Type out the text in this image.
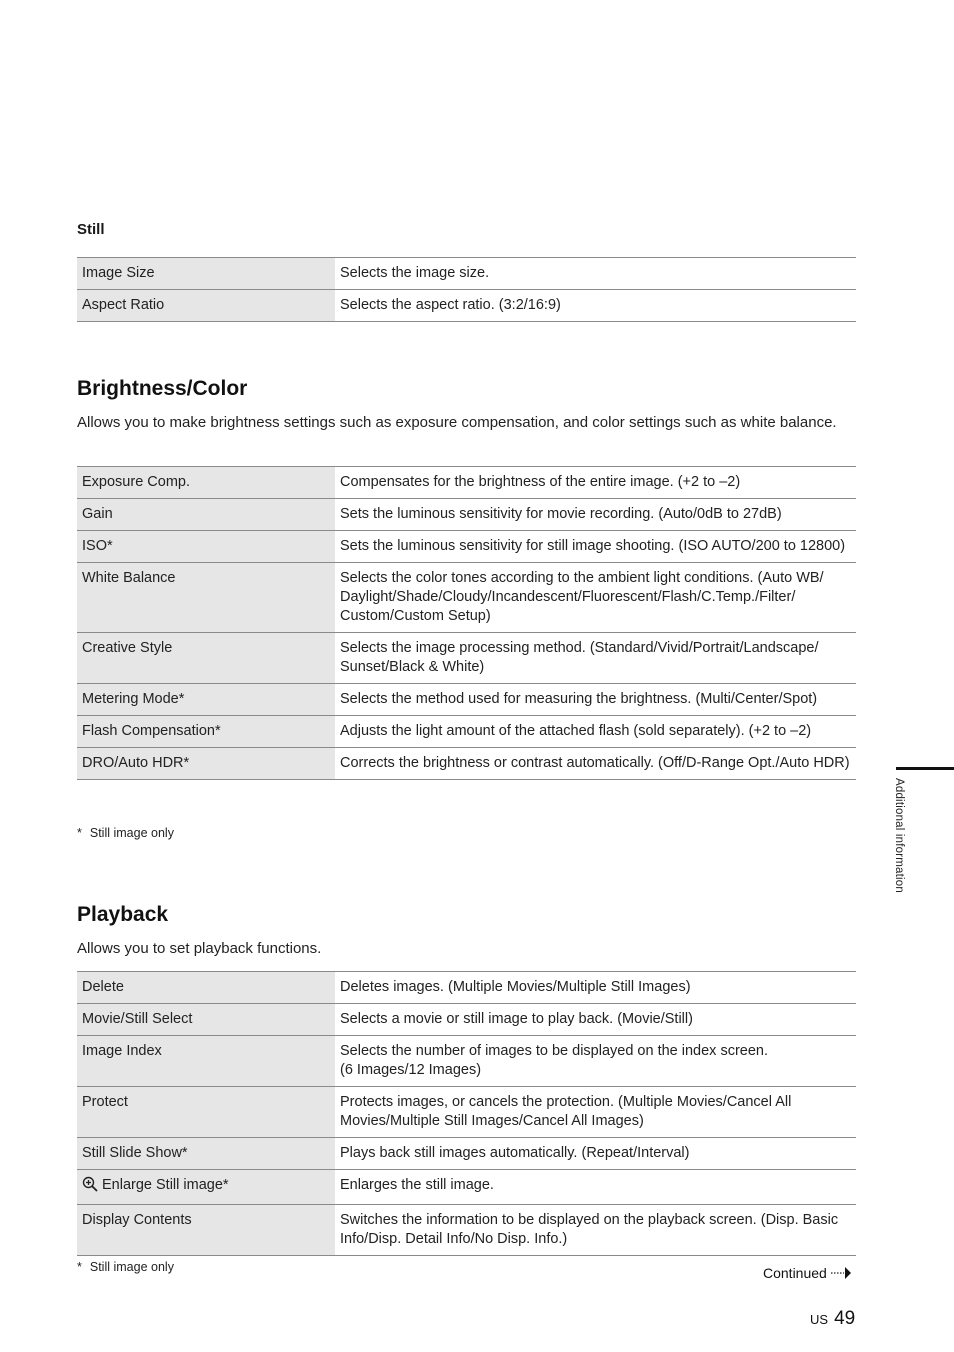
Still
Image Size	Selects the image size.
Aspect Ratio	Selects the aspect ratio. (3:2/16:9)
Brightness/Color

Allows you to make brightness settings such as exposure compensation, and color settings such as white balance.

Exposure Comp.	Compensates for the brightness of the entire image. (+2 to –2)
Gain	Sets the luminous sensitivity for movie recording. (Auto/0dB to 27dB)
ISO*	Sets the luminous sensitivity for still image shooting. (ISO AUTO/200 to 12800)
White Balance	Selects the color tones according to the ambient light conditions. (Auto WB/ Daylight/Shade/Cloudy/Incandescent/Fluorescent/Flash/C.Temp./Filter/ Custom/Custom Setup)
Creative Style	Selects the image processing method. (Standard/Vivid/Portrait/Landscape/ Sunset/Black & White)
Metering Mode*	Selects the method used for measuring the brightness. (Multi/Center/Spot)
Flash Compensation*	Adjusts the light amount of the attached flash (sold separately). (+2 to –2)
DRO/Auto HDR*	Corrects the brightness or contrast automatically. (Off/D-Range Opt./Auto HDR)
* Still image only
Playback

Allows you to set playback functions.

Delete	Deletes images. (Multiple Movies/Multiple Still Images)
Movie/Still Select	Selects a movie or still image to play back. (Movie/Still)
Image Index	Selects the number of images to be displayed on the index screen.
(6 Images/12 Images)

Protect	Protects images, or cancels the protection. (Multiple Movies/Cancel All Movies/Multiple Still Images/Cancel All Images)
Still Slide Show*	Plays back still images automatically. (Repeat/Interval)
Enlarge Still image*	Enlarges the still image.
Display Contents	Switches the information to be displayed on the playback screen. (Disp. Basic Info/Disp. Detail Info/No Disp. Info.)
* Still image only
Additional information
Continued
US 49
